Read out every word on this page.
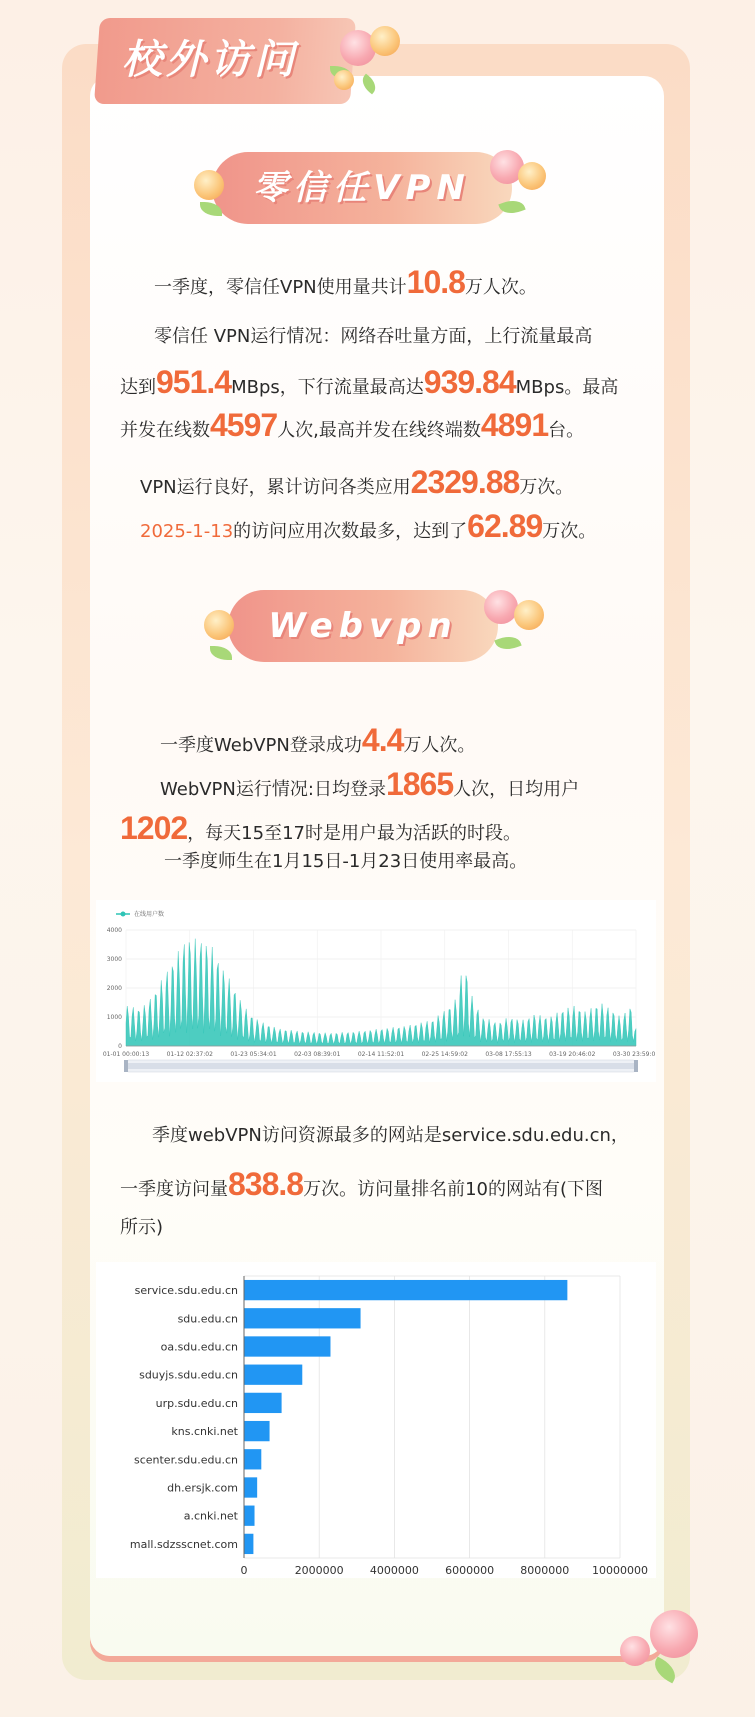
校外访问
零信任VPN
一季度，零信任VPN使用量共计10.8万人次。
零信任 VPN运行情况：网络吞吐量方面，上行流量最高
达到951.4MBps，下行流量最高达939.84MBps。最高
并发在线数4597人次,最高并发在线终端数4891台。
VPN运行良好，累计访问各类应用2329.88万次。
2025-1-13的访问应用次数最多，达到了62.89万次。
Webvpn
一季度WebVPN登录成功4.4万人次。
WebVPN运行情况:日均登录1865人次，日均用户
1202，每天15至17时是用户最为活跃的时段。
一季度师生在1月15日-1月23日使用率最高。
在线用户数
0
1000
2000
3000
4000
01-01 00:00:13	01-12 02:37:02	01-23 05:34:01	02-03 08:39:01	02-14 11:52:01	02-25 14:59:02	03-08 17:55:13	03-19 20:46:02	03-30 23:59:01
季度webVPN访问资源最多的网站是service.sdu.edu.cn，
一季度访问量838.8万次。访问量排名前10的网站有(下图
所示)
0	2000000 4000000 6000000 8000000 10000000
service.sdu.edu.cn
sdu.edu.cn
oa.sdu.edu.cn
sduyjs.sdu.edu.cn
urp.sdu.edu.cn
kns.cnki.net
scenter.sdu.edu.cn
dh.ersjk.com
a.cnki.net
mall.sdzsscnet.com
